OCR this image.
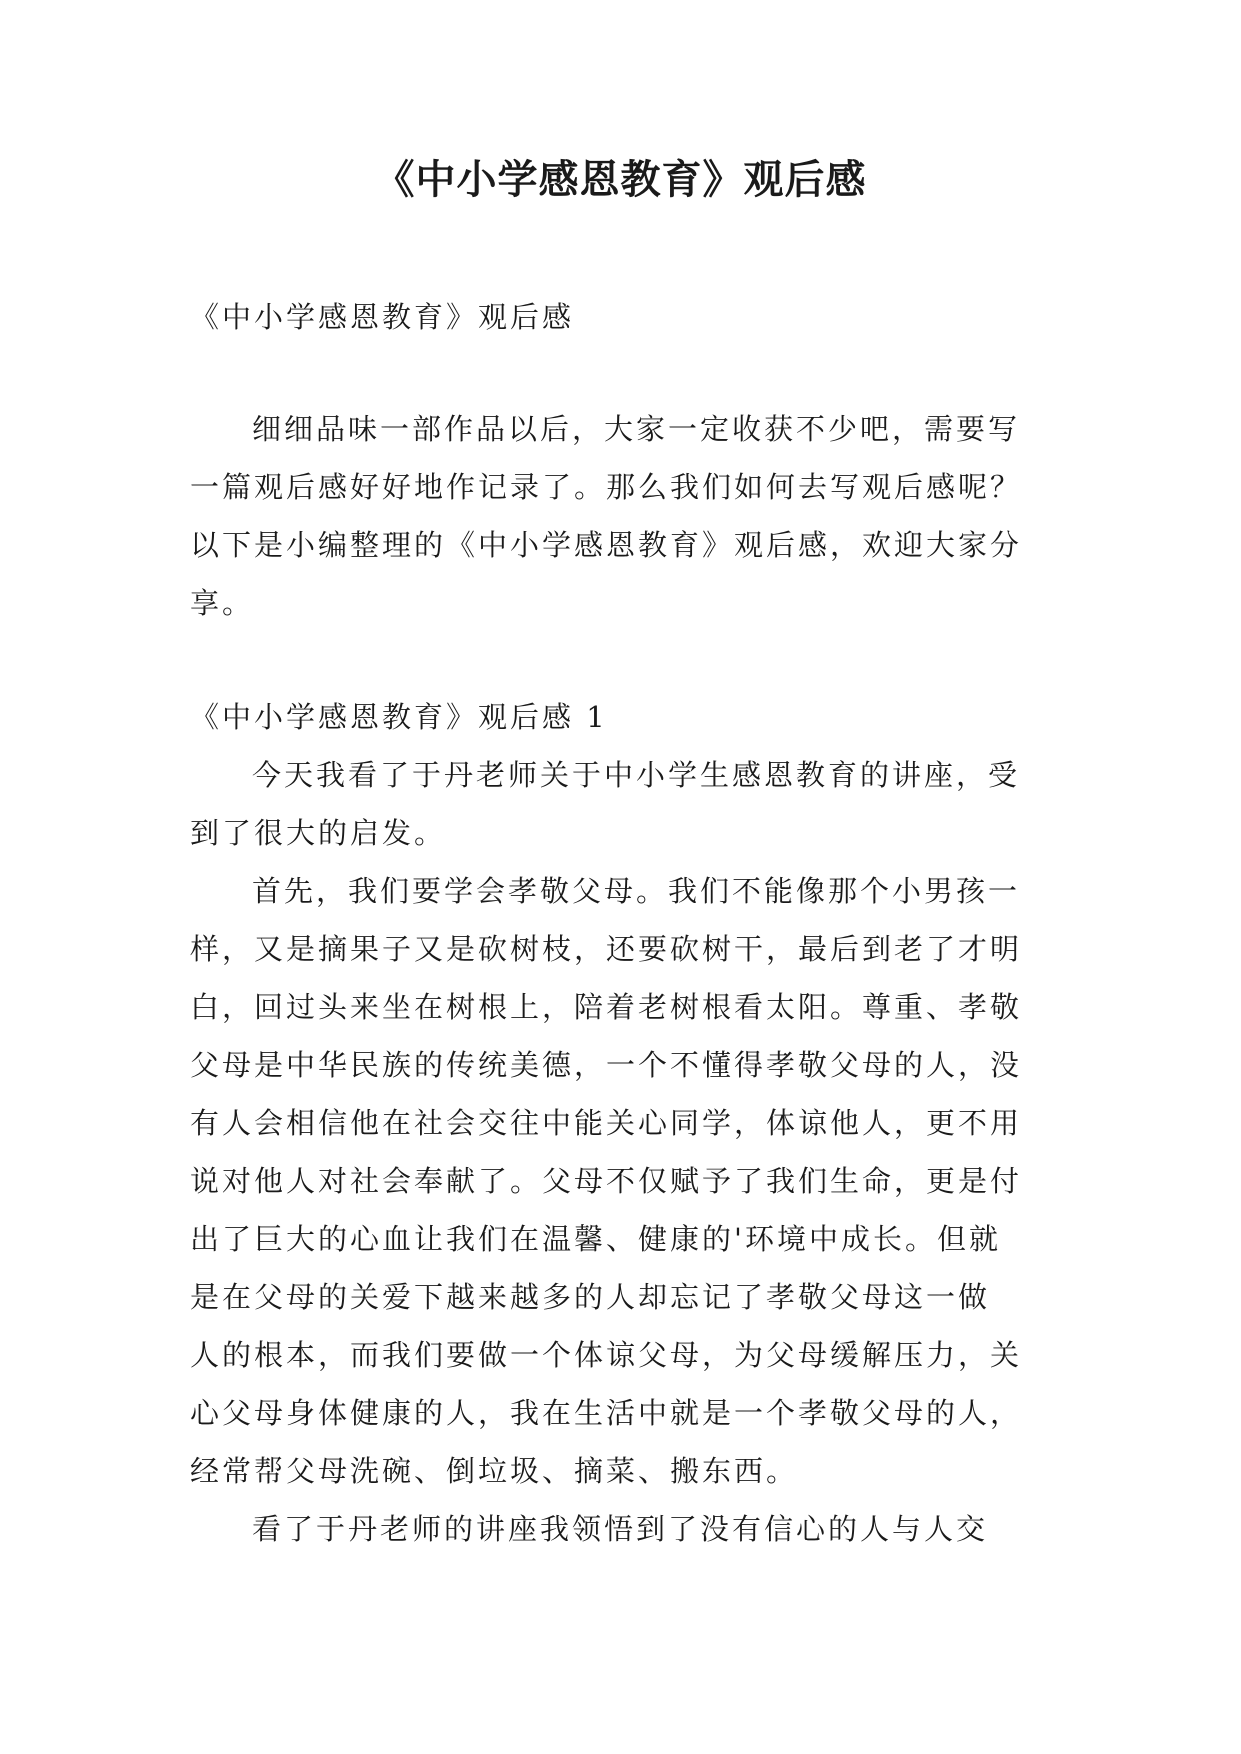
《中小学感恩教育》观后感

《中小学感恩教育》观后感

细细品味一部作品以后，大家一定收获不少吧，需要写

一篇观后感好好地作记录了。那么我们如何去写观后感呢？

以下是小编整理的《中小学感恩教育》观后感，欢迎大家分

享。

《中小学感恩教育》观后感 1

今天我看了于丹老师关于中小学生感恩教育的讲座，受

到了很大的启发。

首先，我们要学会孝敬父母。我们不能像那个小男孩一

样，又是摘果子又是砍树枝，还要砍树干，最后到老了才明

白，回过头来坐在树根上，陪着老树根看太阳。尊重、孝敬

父母是中华民族的传统美德，一个不懂得孝敬父母的人，没

有人会相信他在社会交往中能关心同学，体谅他人，更不用

说对他人对社会奉献了。父母不仅赋予了我们生命，更是付

出了巨大的心血让我们在温馨、健康的'环境中成长。但就

是在父母的关爱下越来越多的人却忘记了孝敬父母这一做

人的根本，而我们要做一个体谅父母，为父母缓解压力，关

心父母身体健康的人，我在生活中就是一个孝敬父母的人，

经常帮父母洗碗、倒垃圾、摘菜、搬东西。

看了于丹老师的讲座我领悟到了没有信心的人与人交
